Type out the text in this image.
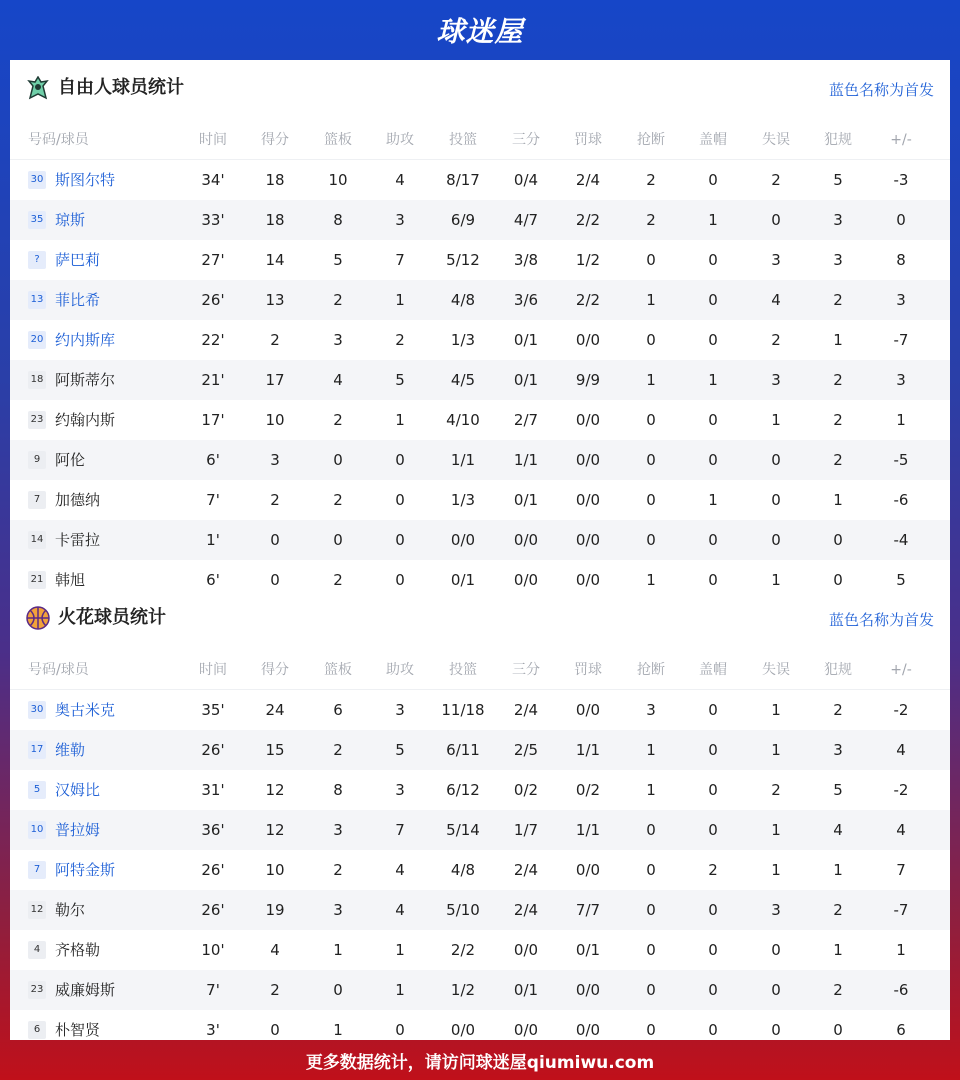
球迷屋
自由人球员统计	蓝色名称为首发
号码/球员	时间	得分	篮板	助攻	投篮	三分	罚球	抢断	盖帽	失误	犯规	+/-
30 斯图尔特	34'	18	10	4	8/17	0/4	2/4	2	0	2	5	-3
35 琼斯	33'	18	8	3	6/9	4/7	2/2	2	1	0	3	0
?	萨巴莉	27'	14	5	7	5/12	3/8	1/2	0	0	3	3	8
13 菲比希	26'	13	2	1	4/8	3/6	2/2	1	0	4	2	3
20 约内斯库	22'	2	3	2	1/3	0/1	0/0	0	0	2	1	-7
18 阿斯蒂尔	21'	17	4	5	4/5	0/1	9/9	1	1	3	2	3
23 约翰内斯	17'	10	2	1	4/10	2/7	0/0	0	0	1	2	1
9 阿伦	6'	3	0	0	1/1	1/1	0/0	0	0	0	2	-5
7 加德纳	7'	2	2	0	1/3	0/1	0/0	0	1	0	1	-6
14 卡雷拉	1'	0	0	0	0/0	0/0	0/0	0	0	0	0	-4
21 韩旭	6'	0	2	0	0/1	0/0	0/0	1	0	1	0	5
火花球员统计	蓝色名称为首发
号码/球员	时间	得分	篮板	助攻	投篮	三分	罚球	抢断	盖帽	失误	犯规	+/-
30 奥古米克	35'	24	6	3	11/18	2/4	0/0	3	0	1	2	-2
17 维勒	26'	15	2	5	6/11	2/5	1/1	1	0	1	3	4
5 汉姆比	31'	12	8	3	6/12	0/2	0/2	1	0	2	5	-2
10 普拉姆	36'	12	3	7	5/14	1/7	1/1	0	0	1	4	4
7 阿特金斯	26'	10	2	4	4/8	2/4	0/0	0	2	1	1	7
12 勒尔	26'	19	3	4	5/10	2/4	7/7	0	0	3	2	-7
4 齐格勒	10'	4	1	1	2/2	0/0	0/1	0	0	0	1	1
23 威廉姆斯	7'	2	0	1	1/2	0/1	0/0	0	0	0	2	-6
6 朴智贤	3'	0	1	0	0/0	0/0	0/0	0	0	0	0	6
更多数据统计，请访问球迷屋qiumiwu.com
